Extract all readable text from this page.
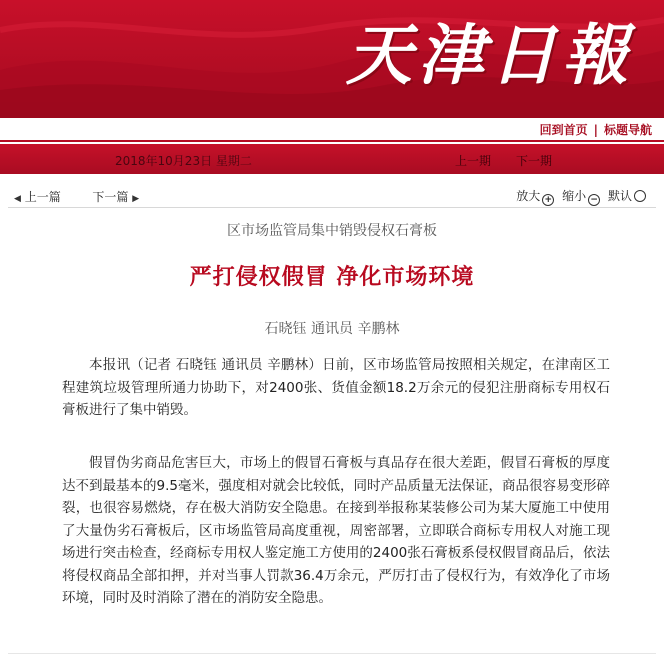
天津日報
回到首页 | 标题导航
2018年10月23日 星期二	上一期 下一期
◀ 上一篇	下一篇 ▶	放大 + 缩小 − 默认
区市场监管局集中销毁侵权石膏板
严打侵权假冒 净化市场环境
石晓钰 通讯员 辛鹏林

本报讯（记者 石晓钰 通讯员 辛鹏林）日前，区市场监管局按照相关规定，在津南区工程建筑垃圾管理所通力协助下，对2400张、货值金额18.2万余元的侵犯注册商标专用权石膏板进行了集中销毁。

假冒伪劣商品危害巨大，市场上的假冒石膏板与真品存在很大差距，假冒石膏板的厚度达不到最基本的9.5毫米，强度相对就会比较低，同时产品质量无法保证，商品很容易变形碎裂，也很容易燃烧，存在极大消防安全隐患。在接到举报称某装修公司为某大厦施工中使用了大量伪劣石膏板后，区市场监管局高度重视，周密部署，立即联合商标专用权人对施工现场进行突击检查，经商标专用权人鉴定施工方使用的2400张石膏板系侵权假冒商品后，依法将侵权商品全部扣押，并对当事人罚款36.4万余元，严厉打击了侵权行为，有效净化了市场环境，同时及时消除了潜在的消防安全隐患。
